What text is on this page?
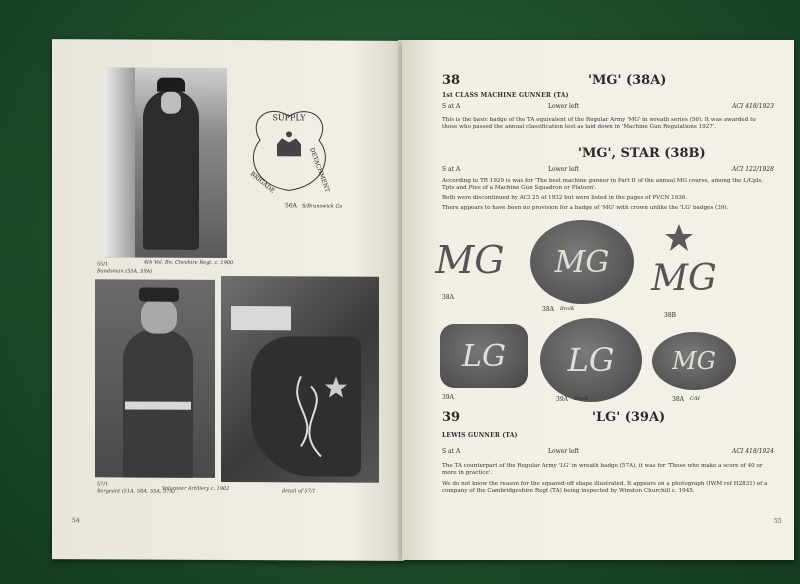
4th Vol. Bn. Cheshire Regt. c. 1900
55/1
Bandsman (55A, 59A)
SUPPLY
BRIGADE	DETACHMENT
56A S/Brunswick Co
57/1
Sergeant (51A, 58A, 55A, 57A)
Volunteer Artillery c. 1902	detail of 57/1
54
38	'MG' (38A)
1st CLASS MACHINE GUNNER (TA)
S at A	Lower left	ACI 418/1923
This is the basic badge of the TA equivalent of the Regular Army 'MG' in wreath series (56). It was awarded to those who passed the annual classification test as laid down in 'Machine Gun Regulations 1927'.
'MG', STAR (38B)
S at A	Lower left	ACI 122/1928
According to TR 1929 is was for 'The best machine gunner in Part II of the annual MG course, among the L/Cpls, Tpts and Ptes of a Machine Gun Squadron or Platoon'.
Both were discontinued by ACI 25 of 1932 but were listed in the pages of PVCN 1936.
There appears to have been no provision for a badge of 'MG' with crown unlike the 'LG' badges (39).
MG
38A
MG
38A Bro/K
MG
38B
LG
39A
LG
39A Bro/K
MG
38A C/H
39	'LG' (39A)
LEWIS GUNNER (TA)
S at A	Lower left	ACI 418/1924
The TA counterpart of the Regular Army 'LG' in wreath badge (57A), it was for 'Those who make a score of 40 or more in practice'.
We do not know the reason for the squared-off shape illustrated. It appears on a photograph (IWM ref H2831) of a company of the Cambridgeshire Regt (TA) being inspected by Winston Churchill c. 1945.
55
